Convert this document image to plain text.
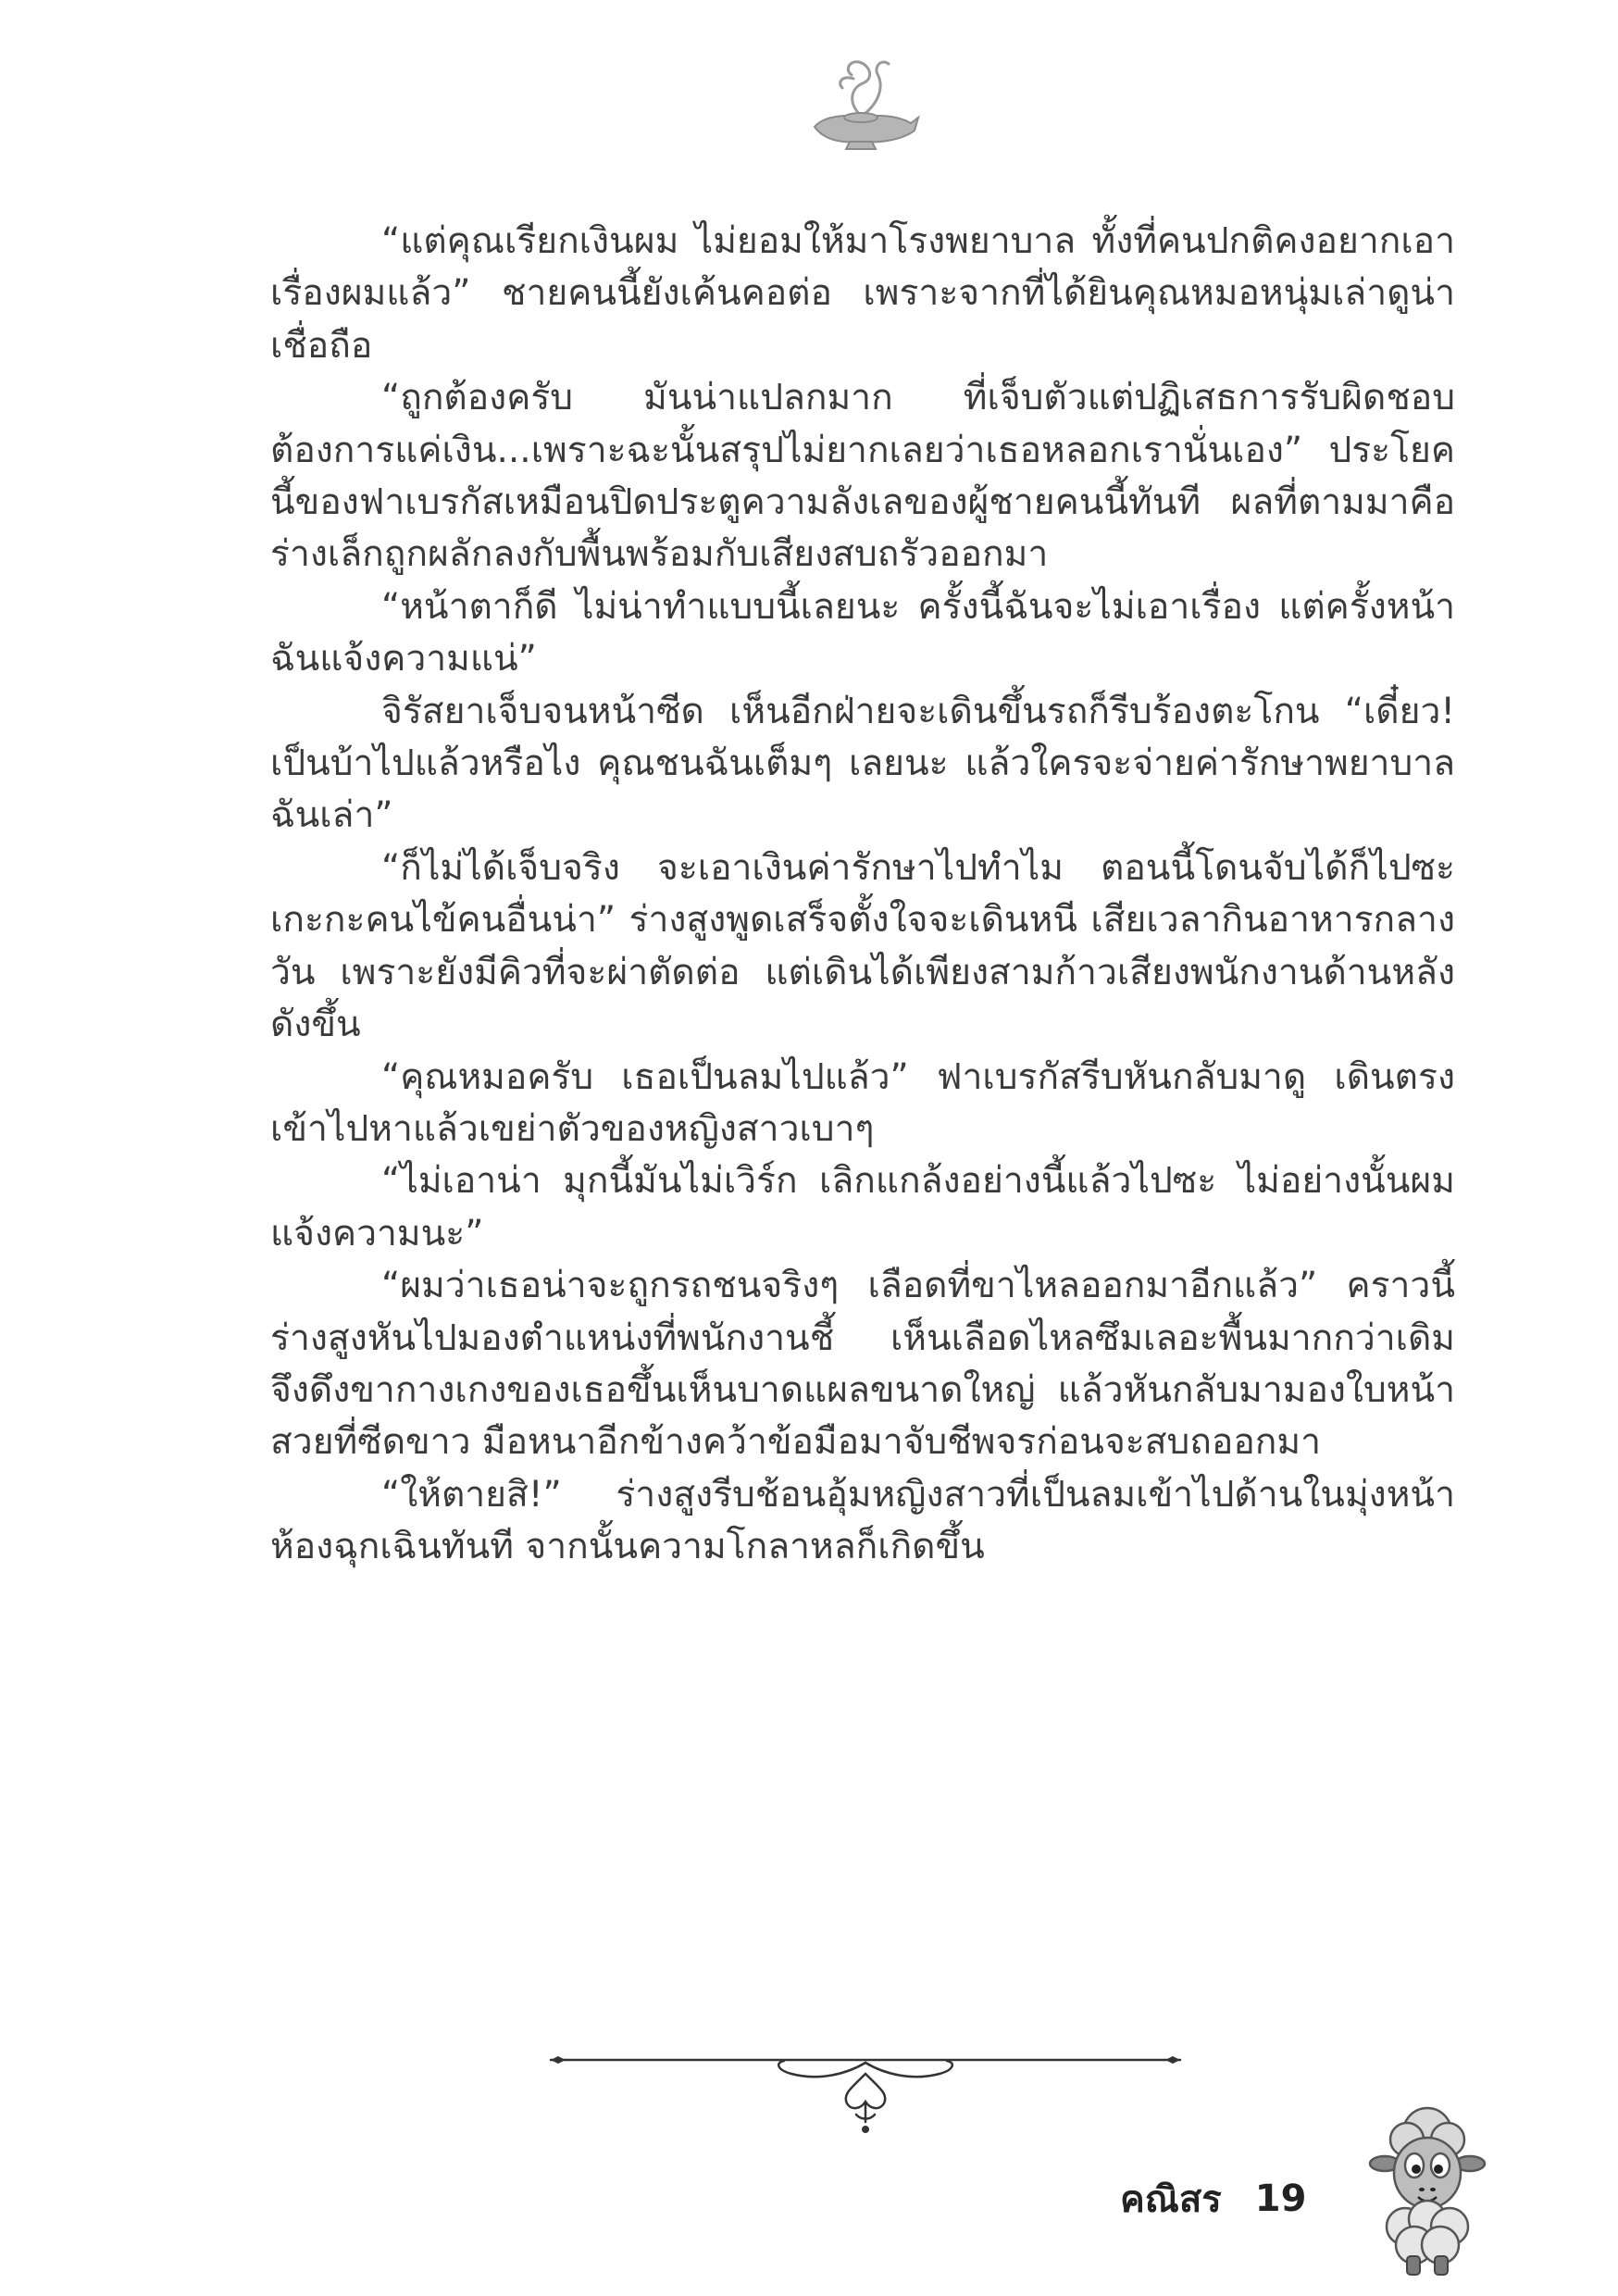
“แต่คุณเรียกเงินผม ไม่ยอมให้มาโรงพยาบาล ทั้งที่คนปกติคงอยากเอาเรื่องผมแล้ว” ชายคนนี้ยังเค้นคอต่อ เพราะจากที่ได้ยินคุณหมอหนุ่มเล่าดูน่าเชื่อถือ

“ถูกต้องครับ มันน่าแปลกมาก ที่เจ็บตัวแต่ปฏิเสธการรับผิดชอบต้องการแค่เงิน...เพราะฉะนั้นสรุปไม่ยากเลยว่าเธอหลอกเรานั่นเอง” ประโยคนี้ของฟาเบรกัสเหมือนปิดประตูความลังเลของผู้ชายคนนี้ทันที ผลที่ตามมาคือร่างเล็กถูกผลักลงกับพื้นพร้อมกับเสียงสบถรัวออกมา

“หน้าตาก็ดี ไม่น่าทำแบบนี้เลยนะ ครั้งนี้ฉันจะไม่เอาเรื่อง แต่ครั้งหน้าฉันแจ้งความแน่”

จิรัสยาเจ็บจนหน้าซีด เห็นอีกฝ่ายจะเดินขึ้นรถก็รีบร้องตะโกน “เดี๋ยว! เป็นบ้าไปแล้วหรือไง คุณชนฉันเต็มๆ เลยนะ แล้วใครจะจ่ายค่ารักษาพยาบาลฉันเล่า”

“ก็ไม่ได้เจ็บจริง จะเอาเงินค่ารักษาไปทำไม ตอนนี้โดนจับได้ก็ไปซะเกะกะคนไข้คนอื่นน่า” ร่างสูงพูดเสร็จตั้งใจจะเดินหนี เสียเวลากินอาหารกลางวัน เพราะยังมีคิวที่จะผ่าตัดต่อ แต่เดินได้เพียงสามก้าวเสียงพนักงานด้านหลังดังขึ้น

“คุณหมอครับ เธอเป็นลมไปแล้ว” ฟาเบรกัสรีบหันกลับมาดู เดินตรงเข้าไปหาแล้วเขย่าตัวของหญิงสาวเบาๆ

“ไม่เอาน่า มุกนี้มันไม่เวิร์ก เลิกแกล้งอย่างนี้แล้วไปซะ ไม่อย่างนั้นผมแจ้งความนะ”

“ผมว่าเธอน่าจะถูกรถชนจริงๆ เลือดที่ขาไหลออกมาอีกแล้ว” คราวนี้ร่างสูงหันไปมองตำแหน่งที่พนักงานชี้ เห็นเลือดไหลซึมเลอะพื้นมากกว่าเดิม จึงดึงขากางเกงของเธอขึ้นเห็นบาดแผลขนาดใหญ่ แล้วหันกลับมามองใบหน้าสวยที่ซีดขาว มือหนาอีกข้างคว้าข้อมือมาจับชีพจรก่อนจะสบถออกมา

“ให้ตายสิ!” ร่างสูงรีบช้อนอุ้มหญิงสาวที่เป็นลมเข้าไปด้านในมุ่งหน้าห้องฉุกเฉินทันที จากนั้นความโกลาหลก็เกิดขึ้น

คณิสร 19
